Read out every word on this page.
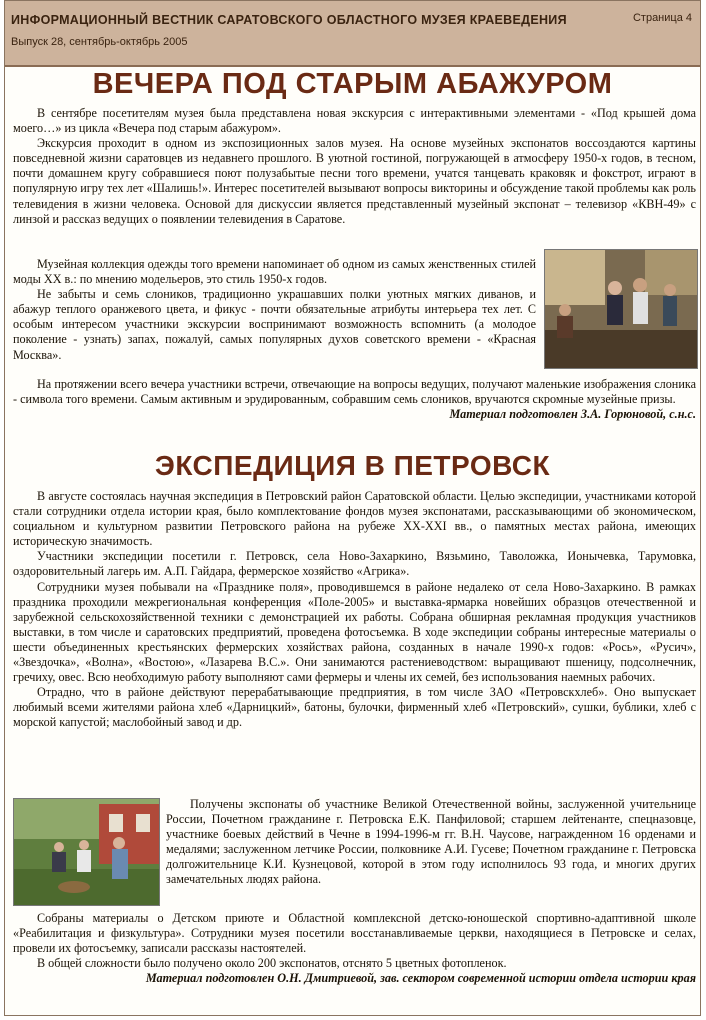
ИНФОРМАЦИОННЫЙ ВЕСТНИК САРАТОВСКОГО ОБЛАСТНОГО МУЗЕЯ КРАЕВЕДЕНИЯ
Выпуск 28, сентябрь-октябрь 2005
Страница 4
ВЕЧЕРА ПОД СТАРЫМ АБАЖУРОМ

В сентябре посетителям музея была представлена новая экскурсия с интерактивными элементами - «Под крышей дома моего…» из цикла «Вечера под старым абажуром».

Экскурсия проходит в одном из экспозиционных залов музея. На основе музейных экспонатов воссоздаются картины повседневной жизни саратовцев из недавнего прошлого. В уютной гостиной, погружающей в атмосферу 1950-х годов, в тесном, почти домашнем кругу собравшиеся поют полузабытые песни того времени, учатся танцевать краковяк и фокстрот, играют в популярную игру тех лет «Шалишь!». Интерес посетителей вызывают вопросы викторины и обсуждение такой проблемы как роль телевидения в жизни человека. Основой для дискуссии является представленный музейный экспонат – телевизор «КВН-49» с линзой и рассказ ведущих о появлении телевидения в Саратове.

Музейная коллекция одежды того времени напоминает об одном из самых женственных стилей моды XX в.: по мнению модельеров, это стиль 1950-х годов.

Не забыты и семь слоников, традиционно украшавших полки уютных мягких диванов, и абажур теплого оранжевого цвета, и фикус - почти обязательные атрибуты интерьера тех лет. С особым интересом участники экскурсии воспринимают возможность вспомнить (а молодое поколение - узнать) запах, пожалуй, самых популярных духов советского времени - «Красная Москва».

На протяжении всего вечера участники встречи, отвечающие на вопросы ведущих, получают маленькие изображения слоника - символа того времени. Самым активным и эрудированным, собравшим семь слоников, вручаются скромные музейные призы.

Материал подготовлен З.А. Горюновой, с.н.с.

ЭКСПЕДИЦИЯ В ПЕТРОВСК

В августе состоялась научная экспедиция в Петровский район Саратовской области. Целью экспедиции, участниками которой стали сотрудники отдела истории края, было комплектование фондов музея экспонатами, рассказывающими об экономическом, социальном и культурном развитии Петровского района на рубеже XX-XXI вв., о памятных местах района, имеющих историческую значимость.

Участники экспедиции посетили г. Петровск, села Ново-Захаркино, Вязьмино, Таволожка, Ионычевка, Тарумовка, оздоровительный лагерь им. А.П. Гайдара, фермерское хозяйство «Агрика».

Сотрудники музея побывали на «Празднике поля», проводившемся в районе недалеко от села Ново-Захаркино. В рамках праздника проходили межрегиональная конференция «Поле-2005» и выставка-ярмарка новейших образцов отечественной и зарубежной сельскохозяйственной техники с демонстрацией их работы. Собрана обширная рекламная продукция участников выставки, в том числе и саратовских предприятий, проведена фотосъемка. В ходе экспедиции собраны интересные материалы о шести объединенных крестьянских фермерских хозяйствах района, созданных в начале 1990-х годов: «Рось», «Русич», «Звездочка», «Волна», «Востою», «Лазарева В.С.». Они занимаются растениеводством: выращивают пшеницу, подсолнечник, гречиху, овес. Всю необходимую работу выполняют сами фермеры и члены их семей, без использования наемных рабочих.

Отрадно, что в районе действуют перерабатывающие предприятия, в том числе ЗАО «Петровскхлеб». Оно выпускает любимый всеми жителями района хлеб «Дарницкий», батоны, булочки, фирменный хлеб «Петровский», сушки, бублики, хлеб с морской капустой; маслобойный завод и др.

Получены экспонаты об участнике Великой Отечественной войны, заслуженной учительнице России, Почетном гражданине г. Петровска Е.К. Панфиловой; старшем лейтенанте, спецназовце, участнике боевых действий в Чечне в 1994-1996-м гг. В.Н. Чаусове, награжденном 16 орденами и медалями; заслуженном летчике России, полковнике А.И. Гусеве; Почетном гражданине г. Петровска долгожительнице К.И. Кузнецовой, которой в этом году исполнилось 93 года, и многих других замечательных людях района.

Собраны материалы о Детском приюте и Областной комплексной детско-юношеской спортивно-адаптивной школе «Реабилитация и физкультура». Сотрудники музея посетили восстанавливаемые церкви, находящиеся в Петровске и селах, провели их фотосъемку, записали рассказы настоятелей.

В общей сложности было получено около 200 экспонатов, отснято 5 цветных фотопленок.

Материал подготовлен О.Н. Дмитриевой, зав. сектором современной истории отдела истории края
